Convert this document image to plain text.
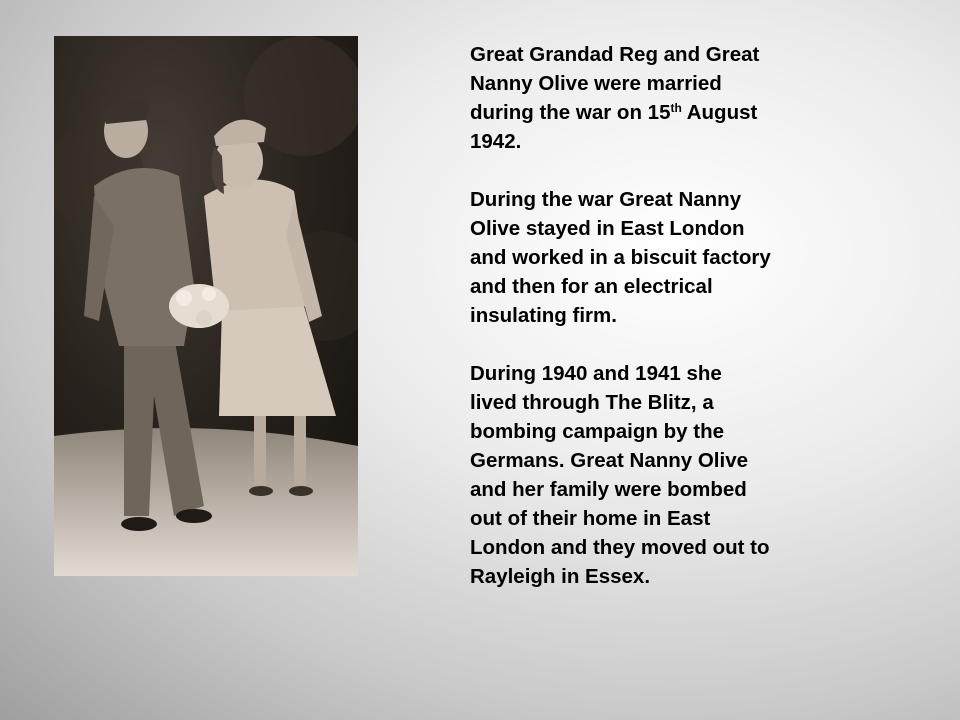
Great Grandad Reg and Great
Nanny Olive were married
during the war on 15th August
1942.

During the war Great Nanny
Olive stayed in East London
and worked in a biscuit factory
and then for an electrical
insulating firm.

During 1940 and 1941 she
lived through The Blitz, a
bombing campaign by the
Germans. Great Nanny Olive
and her family were bombed
out of their home in East
London and they moved out to
Rayleigh in Essex.
